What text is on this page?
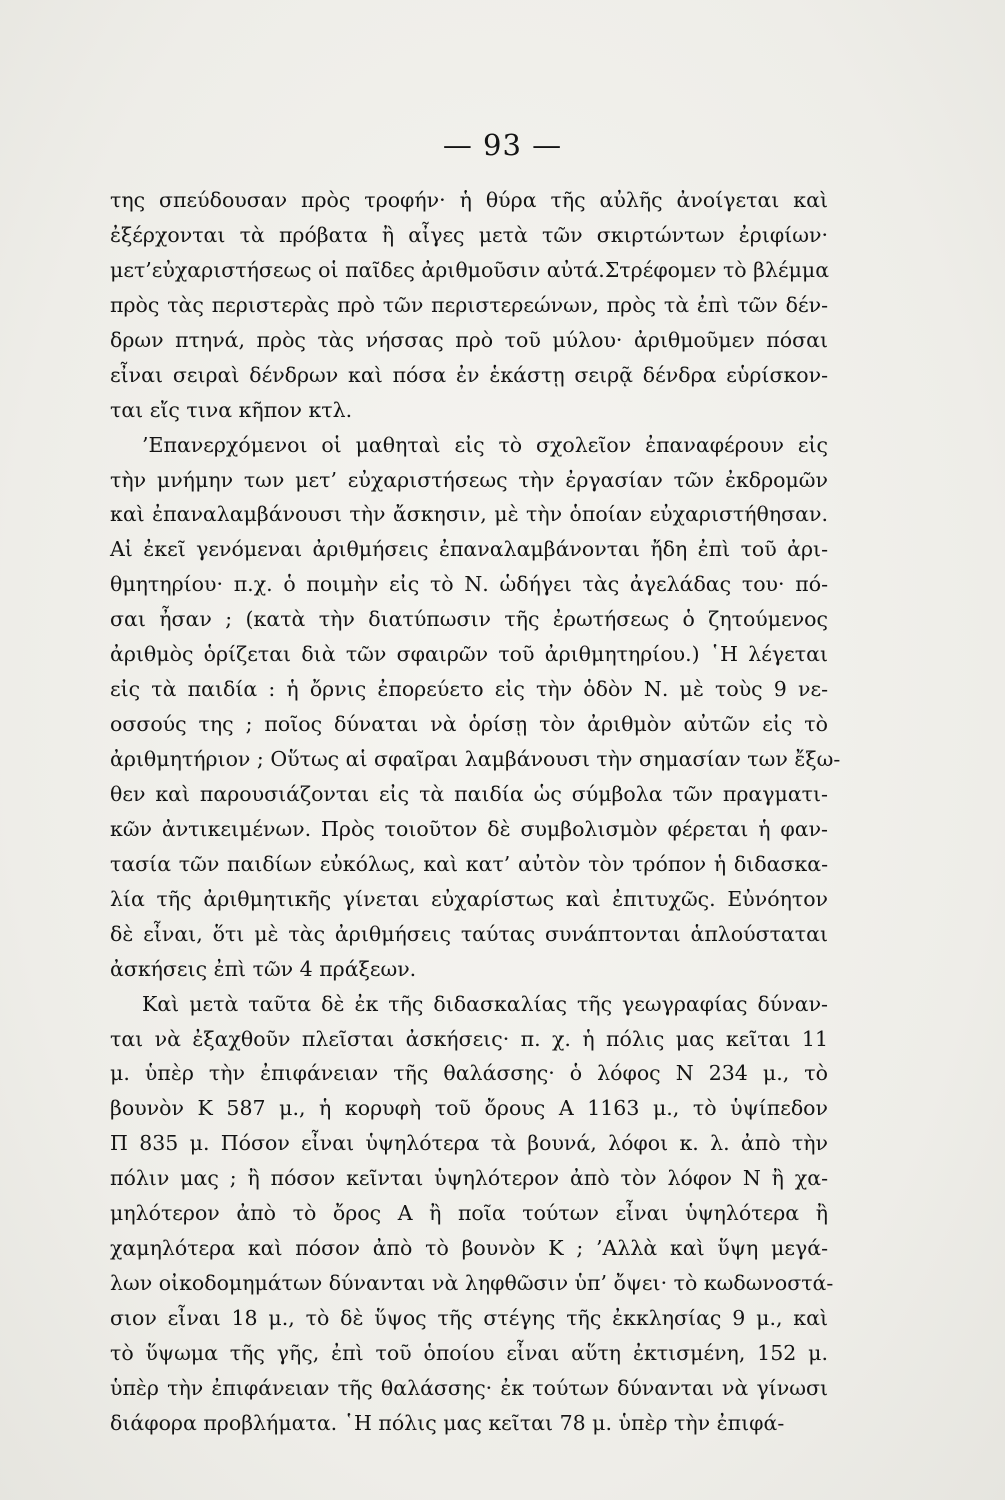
— 93 —
της σπεύδουσαν πρὸς τροφήν· ἡ θύρα τῆς αὐλῆς ἀνοίγεται καὶ
ἐξέρχονται τὰ πρόβατα ἢ αἶγες μετὰ τῶν σκιρτώντων ἐριφίων·
μετ’εὐχαριστήσεως οἱ παῖδες ἀριθμοῦσιν αὐτά.Στρέφομεν τὸ βλέμμα
πρὸς τὰς περιστερὰς πρὸ τῶν περιστερεώνων, πρὸς τὰ ἐπὶ τῶν δέν-
δρων πτηνά, πρὸς τὰς νήσσας πρὸ τοῦ μύλου· ἀριθμοῦμεν πόσαι
εἶναι σειραὶ δένδρων καὶ πόσα ἐν ἑκάστῃ σειρᾷ δένδρα εὑρίσκον-
ται εἴς τινα κῆπον κτλ.
’Επανερχόμενοι οἱ μαθηταὶ εἰς τὸ σχολεῖον ἐπαναφέρουν εἰς
τὴν μνήμην των μετ’ εὐχαριστήσεως τὴν ἐργασίαν τῶν ἐκδρομῶν
καὶ ἐπαναλαμβάνουσι τὴν ἄσκησιν, μὲ τὴν ὁποίαν εὐχαριστήθησαν.
Αἱ ἐκεῖ γενόμεναι ἀριθμήσεις ἐπαναλαμβάνονται ἤδη ἐπὶ τοῦ ἀρι-
θμητηρίου· π.χ. ὁ ποιμὴν εἰς τὸ Ν. ὡδήγει τὰς ἀγελάδας του· πό-
σαι ἦσαν ; (κατὰ τὴν διατύπωσιν τῆς ἐρωτήσεως ὁ ζητούμενος
ἀριθμὸς ὁρίζεται διὰ τῶν σφαιρῶν τοῦ ἀριθμητηρίου.) ῾Η λέγεται
εἰς τὰ παιδία : ἡ ὄρνις ἐπορεύετο εἰς τὴν ὁδὸν Ν. μὲ τοὺς 9 νε-
οσσούς της ; ποῖος δύναται νὰ ὁρίσῃ τὸν ἀριθμὸν αὐτῶν εἰς τὸ
ἀριθμητήριον ; Οὕτως αἱ σφαῖραι λαμβάνουσι τὴν σημασίαν των ἔξω-
θεν καὶ παρουσιάζονται εἰς τὰ παιδία ὡς σύμβολα τῶν πραγματι-
κῶν ἀντικειμένων. Πρὸς τοιοῦτον δὲ συμβολισμὸν φέρεται ἡ φαν-
τασία τῶν παιδίων εὐκόλως, καὶ κατ’ αὐτὸν τὸν τρόπον ἡ διδασκα-
λία τῆς ἀριθμητικῆς γίνεται εὐχαρίστως καὶ ἐπιτυχῶς. Εὐνόητον
δὲ εἶναι, ὅτι μὲ τὰς ἀριθμήσεις ταύτας συνάπτονται ἁπλούσταται
ἀσκήσεις ἐπὶ τῶν 4 πράξεων.
Καὶ μετὰ ταῦτα δὲ ἐκ τῆς διδασκαλίας τῆς γεωγραφίας δύναν-
ται νὰ ἐξαχθοῦν πλεῖσται ἀσκήσεις· π. χ. ἡ πόλις μας κεῖται 11
μ. ὑπὲρ τὴν ἐπιφάνειαν τῆς θαλάσσης· ὁ λόφος Ν 234 μ., τὸ
βουνὸν Κ 587 μ., ἡ κορυφὴ τοῦ ὄρους Α 1163 μ., τὸ ὑψίπεδον
Π 835 μ. Πόσον εἶναι ὑψηλότερα τὰ βουνά, λόφοι κ. λ. ἀπὸ τὴν
πόλιν μας ; ἢ πόσον κεῖνται ὑψηλότερον ἀπὸ τὸν λόφον Ν ἢ χα-
μηλότερον ἀπὸ τὸ ὄρος Α ἢ ποῖα τούτων εἶναι ὑψηλότερα ἢ
χαμηλότερα καὶ πόσον ἀπὸ τὸ βουνὸν Κ ; ’Αλλὰ καὶ ὕψη μεγά-
λων οἰκοδομημάτων δύνανται νὰ ληφθῶσιν ὑπ’ ὄψει· τὸ κωδωνοστά-
σιον εἶναι 18 μ., τὸ δὲ ὕψος τῆς στέγης τῆς ἐκκλησίας 9 μ., καὶ
τὸ ὕψωμα τῆς γῆς, ἐπὶ τοῦ ὁποίου εἶναι αὕτη ἐκτισμένη, 152 μ.
ὑπὲρ τὴν ἐπιφάνειαν τῆς θαλάσσης· ἐκ τούτων δύνανται νὰ γίνωσι
διάφορα προβλήματα. ῾Η πόλις μας κεῖται 78 μ. ὑπὲρ τὴν ἐπιφά-
